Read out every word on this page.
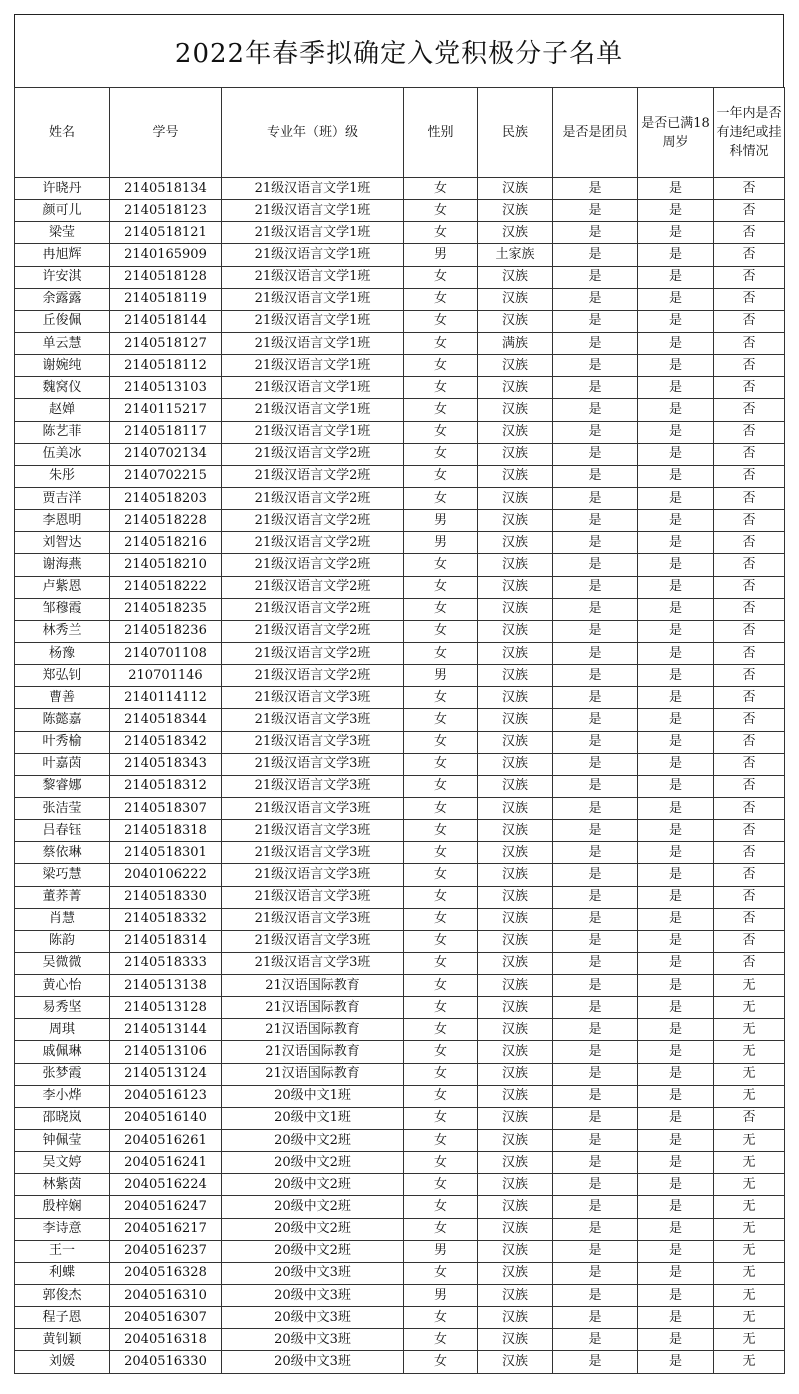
2022年春季拟确定入党积极分子名单
姓名	学号	专业年（班）级	性别	民族	是否是团员	是否已满18周岁	一年内是否有违纪或挂科情况
许晓丹	2140518134	21级汉语言文学1班	女	汉族	是	是	否
颜可儿	2140518123	21级汉语言文学1班	女	汉族	是	是	否
梁莹	2140518121	21级汉语言文学1班	女	汉族	是	是	否
冉旭辉	2140165909	21级汉语言文学1班	男	土家族	是	是	否
许安淇	2140518128	21级汉语言文学1班	女	汉族	是	是	否
余露露	2140518119	21级汉语言文学1班	女	汉族	是	是	否
丘俊佩	2140518144	21级汉语言文学1班	女	汉族	是	是	否
单云慧	2140518127	21级汉语言文学1班	女	满族	是	是	否
谢婉纯	2140518112	21级汉语言文学1班	女	汉族	是	是	否
魏窝仪	2140513103	21级汉语言文学1班	女	汉族	是	是	否
赵婵	2140115217	21级汉语言文学1班	女	汉族	是	是	否
陈艺菲	2140518117	21级汉语言文学1班	女	汉族	是	是	否
伍美冰	2140702134	21级汉语言文学2班	女	汉族	是	是	否
朱彤	2140702215	21级汉语言文学2班	女	汉族	是	是	否
贾吉洋	2140518203	21级汉语言文学2班	女	汉族	是	是	否
李恩明	2140518228	21级汉语言文学2班	男	汉族	是	是	否
刘智达	2140518216	21级汉语言文学2班	男	汉族	是	是	否
谢海燕	2140518210	21级汉语言文学2班	女	汉族	是	是	否
卢紫恩	2140518222	21级汉语言文学2班	女	汉族	是	是	否
邹穆霞	2140518235	21级汉语言文学2班	女	汉族	是	是	否
林秀兰	2140518236	21级汉语言文学2班	女	汉族	是	是	否
杨豫	2140701108	21级汉语言文学2班	女	汉族	是	是	否
郑弘钊	210701146	21级汉语言文学2班	男	汉族	是	是	否
曹善	2140114112	21级汉语言文学3班	女	汉族	是	是	否
陈懿嘉	2140518344	21级汉语言文学3班	女	汉族	是	是	否
叶秀榆	2140518342	21级汉语言文学3班	女	汉族	是	是	否
叶嘉茵	2140518343	21级汉语言文学3班	女	汉族	是	是	否
黎睿娜	2140518312	21级汉语言文学3班	女	汉族	是	是	否
张洁莹	2140518307	21级汉语言文学3班	女	汉族	是	是	否
吕春钰	2140518318	21级汉语言文学3班	女	汉族	是	是	否
蔡依琳	2140518301	21级汉语言文学3班	女	汉族	是	是	否
梁巧慧	2040106222	21级汉语言文学3班	女	汉族	是	是	否
董荞菁	2140518330	21级汉语言文学3班	女	汉族	是	是	否
肖慧	2140518332	21级汉语言文学3班	女	汉族	是	是	否
陈韵	2140518314	21级汉语言文学3班	女	汉族	是	是	否
吴微微	2140518333	21级汉语言文学3班	女	汉族	是	是	否
黄心怡	2140513138	21汉语国际教育	女	汉族	是	是	无
易秀坚	2140513128	21汉语国际教育	女	汉族	是	是	无
周琪	2140513144	21汉语国际教育	女	汉族	是	是	无
戚佩琳	2140513106	21汉语国际教育	女	汉族	是	是	无
张梦霞	2140513124	21汉语国际教育	女	汉族	是	是	无
李小烨	2040516123	20级中文1班	女	汉族	是	是	无
邵晓岚	2040516140	20级中文1班	女	汉族	是	是	否
钟佩莹	2040516261	20级中文2班	女	汉族	是	是	无
吴文婷	2040516241	20级中文2班	女	汉族	是	是	无
林紫茵	2040516224	20级中文2班	女	汉族	是	是	无
殷梓娴	2040516247	20级中文2班	女	汉族	是	是	无
李诗意	2040516217	20级中文2班	女	汉族	是	是	无
王一	2040516237	20级中文2班	男	汉族	是	是	无
利蝶	2040516328	20级中文3班	女	汉族	是	是	无
郭俊杰	2040516310	20级中文3班	男	汉族	是	是	无
程子恩	2040516307	20级中文3班	女	汉族	是	是	无
黄钊颖	2040516318	20级中文3班	女	汉族	是	是	无
刘媛	2040516330	20级中文3班	女	汉族	是	是	无
